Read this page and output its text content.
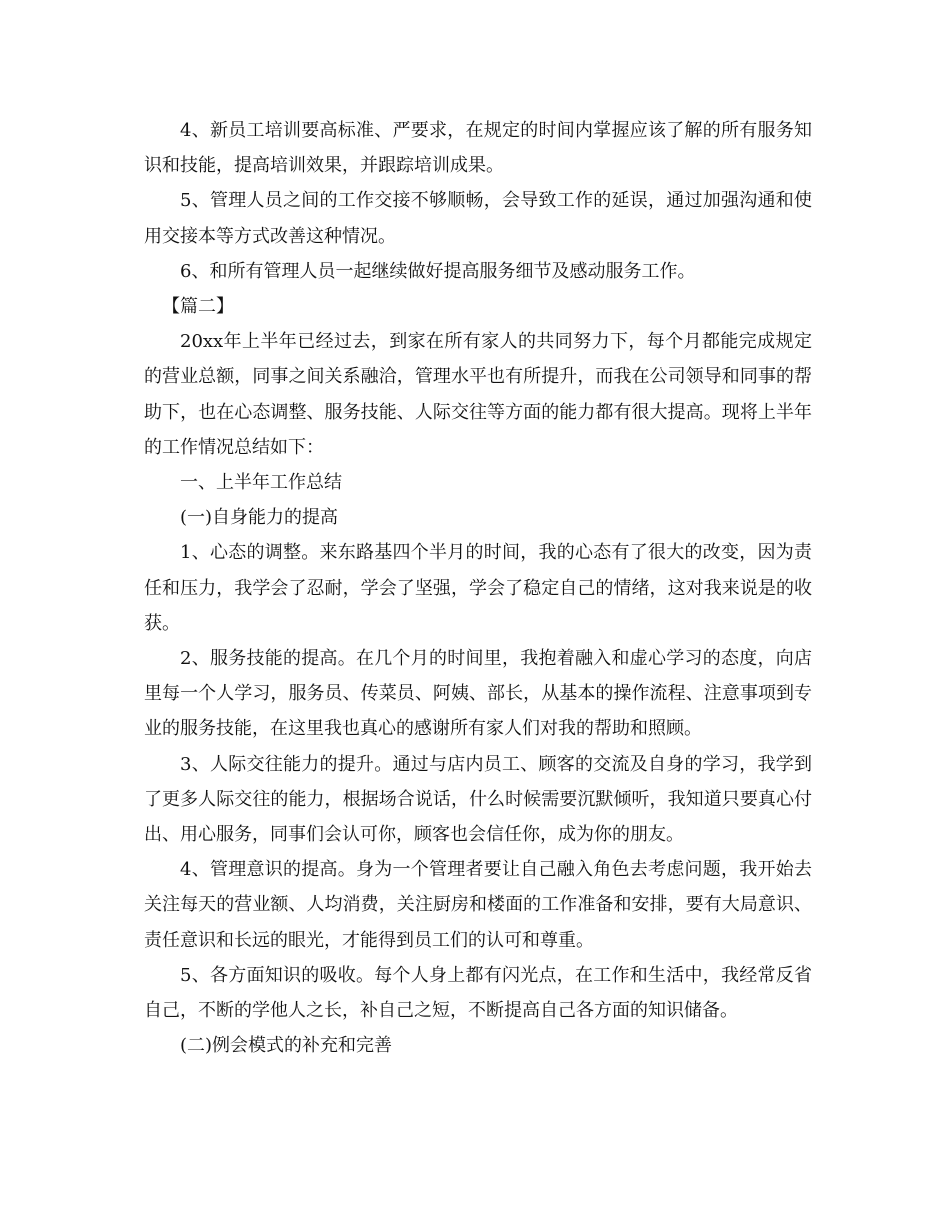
4、新员工培训要高标准、严要求，在规定的时间内掌握应该了解的所有服务知识和技能，提高培训效果，并跟踪培训成果。

5、管理人员之间的工作交接不够顺畅，会导致工作的延误，通过加强沟通和使用交接本等方式改善这种情况。

6、和所有管理人员一起继续做好提高服务细节及感动服务工作。

【篇二】

20xx年上半年已经过去，到家在所有家人的共同努力下，每个月都能完成规定的营业总额，同事之间关系融洽，管理水平也有所提升，而我在公司领导和同事的帮助下，也在心态调整、服务技能、人际交往等方面的能力都有很大提高。现将上半年的工作情况总结如下：

一、上半年工作总结

(一)自身能力的提高

1、心态的调整。来东路基四个半月的时间，我的心态有了很大的改变，因为责任和压力，我学会了忍耐，学会了坚强，学会了稳定自己的情绪，这对我来说是的收获。

2、服务技能的提高。在几个月的时间里，我抱着融入和虚心学习的态度，向店里每一个人学习，服务员、传菜员、阿姨、部长，从基本的操作流程、注意事项到专业的服务技能，在这里我也真心的感谢所有家人们对我的帮助和照顾。

3、人际交往能力的提升。通过与店内员工、顾客的交流及自身的学习，我学到了更多人际交往的能力，根据场合说话，什么时候需要沉默倾听，我知道只要真心付出、用心服务，同事们会认可你，顾客也会信任你，成为你的朋友。

4、管理意识的提高。身为一个管理者要让自己融入角色去考虑问题，我开始去关注每天的营业额、人均消费，关注厨房和楼面的工作准备和安排，要有大局意识、责任意识和长远的眼光，才能得到员工们的认可和尊重。

5、各方面知识的吸收。每个人身上都有闪光点，在工作和生活中，我经常反省自己，不断的学他人之长，补自己之短，不断提高自己各方面的知识储备。

(二)例会模式的补充和完善
